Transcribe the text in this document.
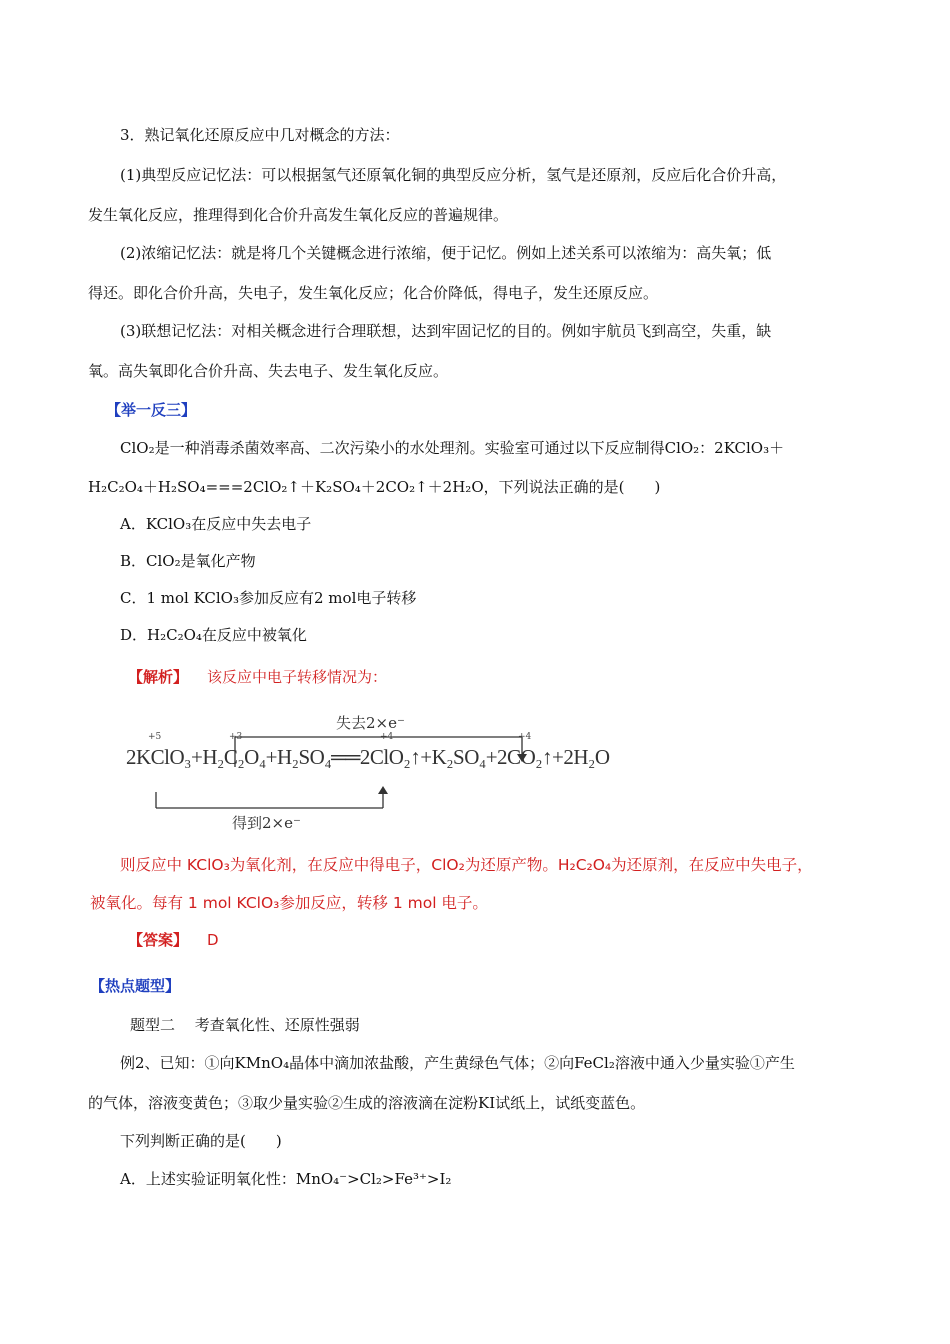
3．熟记氧化还原反应中几对概念的方法：
(1)典型反应记忆法：可以根据氢气还原氧化铜的典型反应分析，氢气是还原剂，反应后化合价升高，
发生氧化反应，推理得到化合价升高发生氧化反应的普遍规律。
(2)浓缩记忆法：就是将几个关键概念进行浓缩，便于记忆。例如上述关系可以浓缩为：高失氧；低
得还。即化合价升高，失电子，发生氧化反应；化合价降低，得电子，发生还原反应。
(3)联想记忆法：对相关概念进行合理联想，达到牢固记忆的目的。例如宇航员飞到高空，失重，缺
氧。高失氧即化合价升高、失去电子、发生氧化反应。
【举一反三】
ClO₂是一种消毒杀菌效率高、二次污染小的水处理剂。实验室可通过以下反应制得ClO₂：2KClO₃＋
H₂C₂O₄＋H₂SO₄===2ClO₂↑＋K₂SO₄＋2CO₂↑＋2H₂O，下列说法正确的是(　　)
A．KClO₃在反应中失去电子
B．ClO₂是氧化产物
C．1 mol KClO₃参加反应有2 mol电子转移
D．H₂C₂O₄在反应中被氧化
【解析】 该反应中电子转移情况为：
失去2×e⁻
得到2×e⁻
+5	+3	+4	+4
2KClO₃+H₂C₂O₄+H₂SO₄══2ClO₂↑+K₂SO₄+2CO₂↑+2H₂O
则反应中 KClO₃为氧化剂，在反应中得电子，ClO₂为还原产物。H₂C₂O₄为还原剂，在反应中失电子，
被氧化。每有 1 mol KClO₃参加反应，转移 1 mol 电子。
【答案】 D
【热点题型】
题型二　 考查氧化性、还原性强弱
例2、已知：①向KMnO₄晶体中滴加浓盐酸，产生黄绿色气体；②向FeCl₂溶液中通入少量实验①产生
的气体，溶液变黄色；③取少量实验②生成的溶液滴在淀粉KI试纸上，试纸变蓝色。
下列判断正确的是(　　)
A．上述实验证明氧化性：MnO₄⁻>Cl₂>Fe³⁺>I₂
